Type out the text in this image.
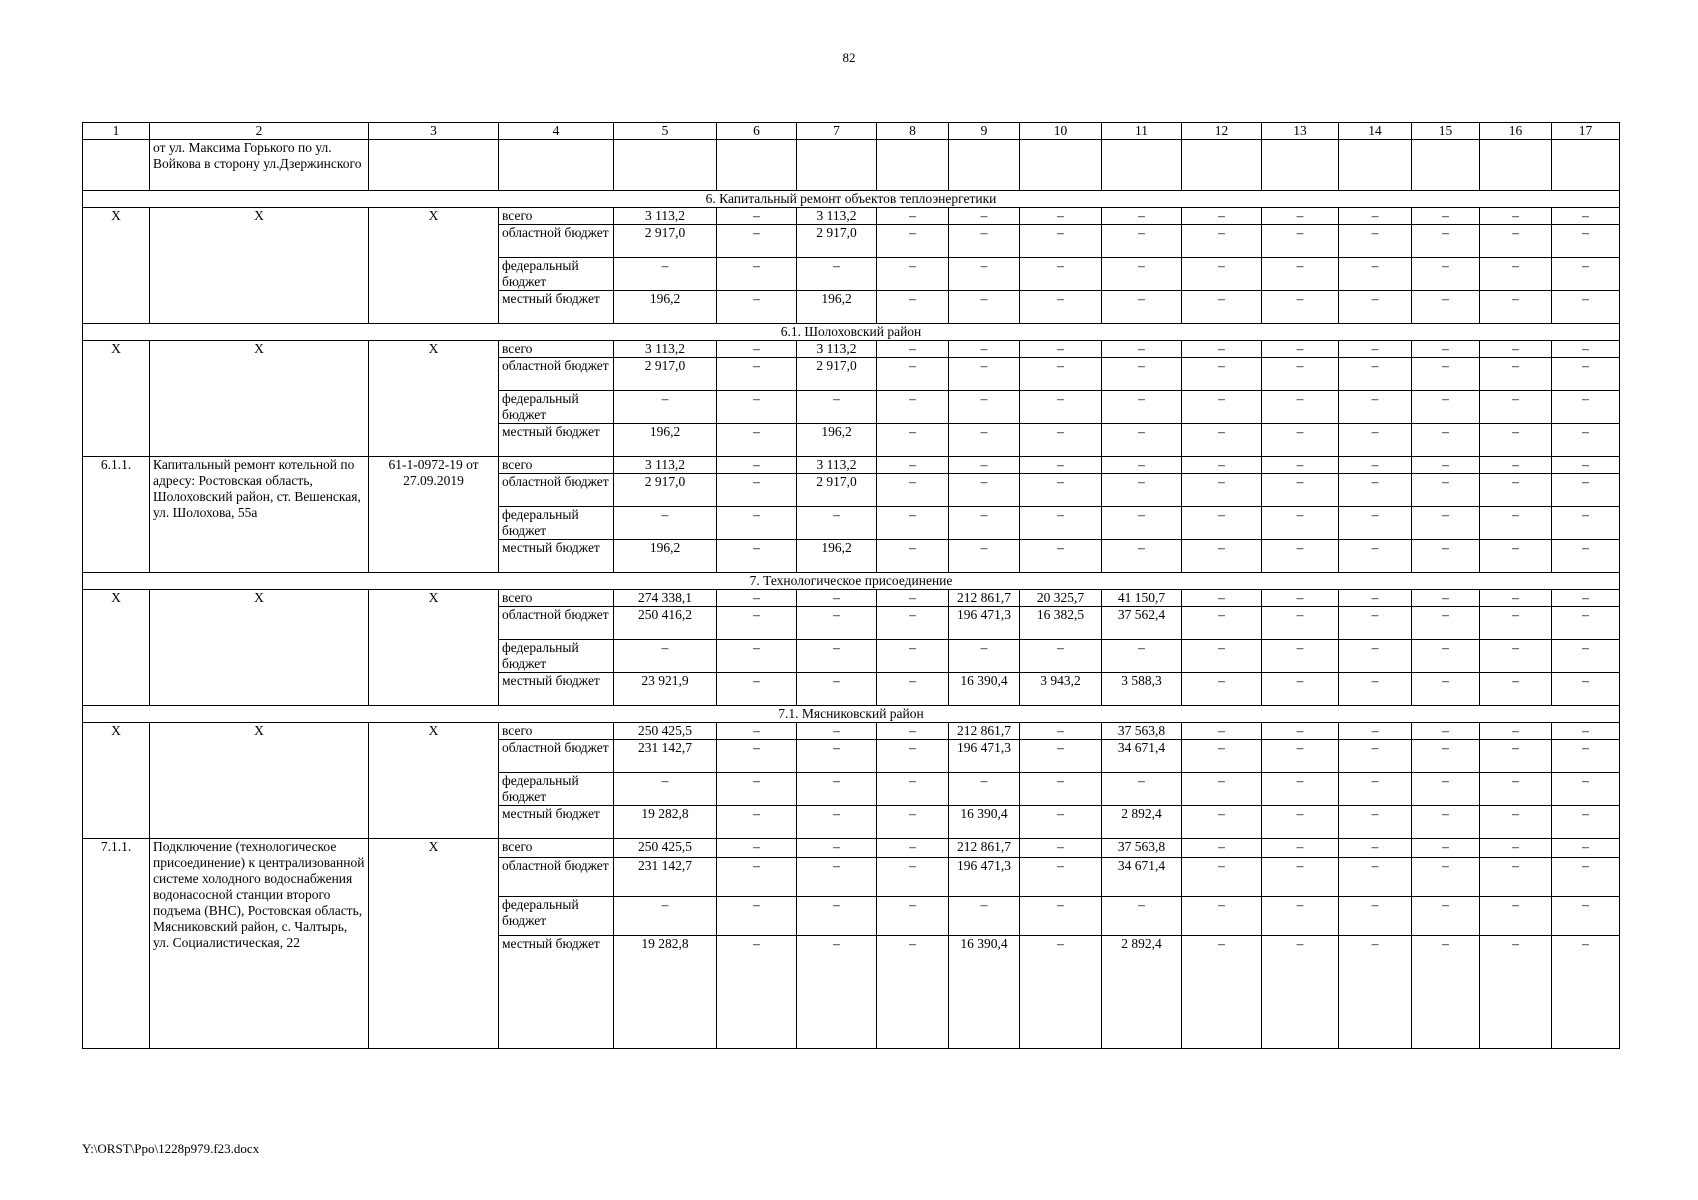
82
1	2	3	4	5	6	7	8	9	10	11	12	13	14	15	16	17
	от ул. Максима Горького по ул. Войкова в сторону ул.Дзержинского															
6. Капитальный ремонт объектов теплоэнергетики																
X	X	X	всего	3 113,2	–	3 113,2	–	–	–	–	–	–	–	–	–	–
			областной бюджет	2 917,0	–	2 917,0	–	–	–	–	–	–	–	–	–	–
			федеральный бюджет	–	–	–	–	–	–	–	–	–	–	–	–	–
			местный бюджет	196,2	–	196,2	–	–	–	–	–	–	–	–	–	–
6.1. Шолоховский район																
X	X	X	всего	3 113,2	–	3 113,2	–	–	–	–	–	–	–	–	–	–
			областной бюджет	2 917,0	–	2 917,0	–	–	–	–	–	–	–	–	–	–
			федеральный бюджет	–	–	–	–	–	–	–	–	–	–	–	–	–
			местный бюджет	196,2	–	196,2	–	–	–	–	–	–	–	–	–	–
6.1.1.	Капитальный ремонт котельной по адресу: Ростовская область, Шолоховский район, ст. Вешенская, ул. Шолохова, 55а	61-1-0972-19 от 27.09.2019	всего	3 113,2	–	3 113,2	–	–	–	–	–	–	–	–	–	–
			областной бюджет	2 917,0	–	2 917,0	–	–	–	–	–	–	–	–	–	–
			федеральный бюджет	–	–	–	–	–	–	–	–	–	–	–	–	–
			местный бюджет	196,2	–	196,2	–	–	–	–	–	–	–	–	–	–
7. Технологическое присоединение																
X	X	X	всего	274 338,1	–	–	–	212 861,7	20 325,7	41 150,7	–	–	–	–	–	–
			областной бюджет	250 416,2	–	–	–	196 471,3	16 382,5	37 562,4	–	–	–	–	–	–
			федеральный бюджет	–	–	–	–	–	–	–	–	–	–	–	–	–
			местный бюджет	23 921,9	–	–	–	16 390,4	3 943,2	3 588,3	–	–	–	–	–	–
7.1. Мясниковский район																
X	X	X	всего	250 425,5	–	–	–	212 861,7	–	37 563,8	–	–	–	–	–	–
			областной бюджет	231 142,7	–	–	–	196 471,3	–	34 671,4	–	–	–	–	–	–
			федеральный бюджет	–	–	–	–	–	–	–	–	–	–	–	–	–
			местный бюджет	19 282,8	–	–	–	16 390,4	–	2 892,4	–	–	–	–	–	–
7.1.1.	Подключение (технологическое присоединение) к централизованной системе холодного водоснабжения водонасосной станции второго подъема (ВНС), Ростовская область, Мясниковский район, с. Чалтырь, ул. Социалистическая, 22	X	всего	250 425,5	–	–	–	212 861,7	–	37 563,8	–	–	–	–	–	–
			областной бюджет	231 142,7	–	–	–	196 471,3	–	34 671,4	–	–	–	–	–	–
			федеральный бюджет	–	–	–	–	–	–	–	–	–	–	–	–	–
			местный бюджет	19 282,8	–	–	–	16 390,4	–	2 892,4	–	–	–	–	–	–
Y:\ORST\Ppo\1228p979.f23.docx
